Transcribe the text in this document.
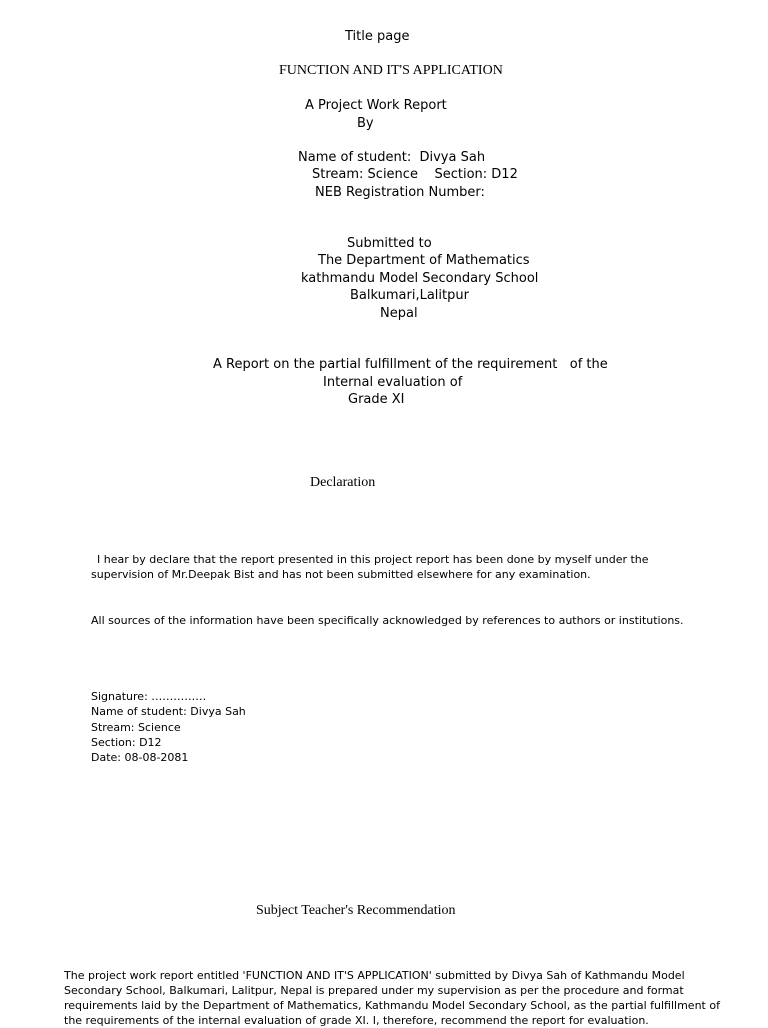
Title page
FUNCTION AND IT'S APPLICATION
A Project Work Report
By
Name of student:  Divya Sah
Stream: Science    Section: D12
NEB Registration Number:
Submitted to
The Department of Mathematics
kathmandu Model Secondary School
Balkumari,Lalitpur
Nepal
A Report on the partial fulfillment of the requirement   of the
Internal evaluation of
Grade XI
Declaration
I hear by declare that the report presented in this project report has been done by myself under the supervision of Mr.Deepak Bist and has not been submitted elsewhere for any examination.
All sources of the information have been specifically acknowledged by references to authors or institutions.
Signature: ……………
Name of student: Divya Sah
Stream: Science
Section: D12
Date: 08-08-2081
Subject Teacher's Recommendation
The project work report entitled 'FUNCTION AND IT'S APPLICATION' submitted by Divya Sah of Kathmandu Model Secondary School, Balkumari, Lalitpur, Nepal is prepared under my supervision as per the procedure and format requirements laid by the Department of Mathematics, Kathmandu Model Secondary School, as the partial fulfillment of the requirements of the internal evaluation of grade XI. I, therefore, recommend the report for evaluation.
